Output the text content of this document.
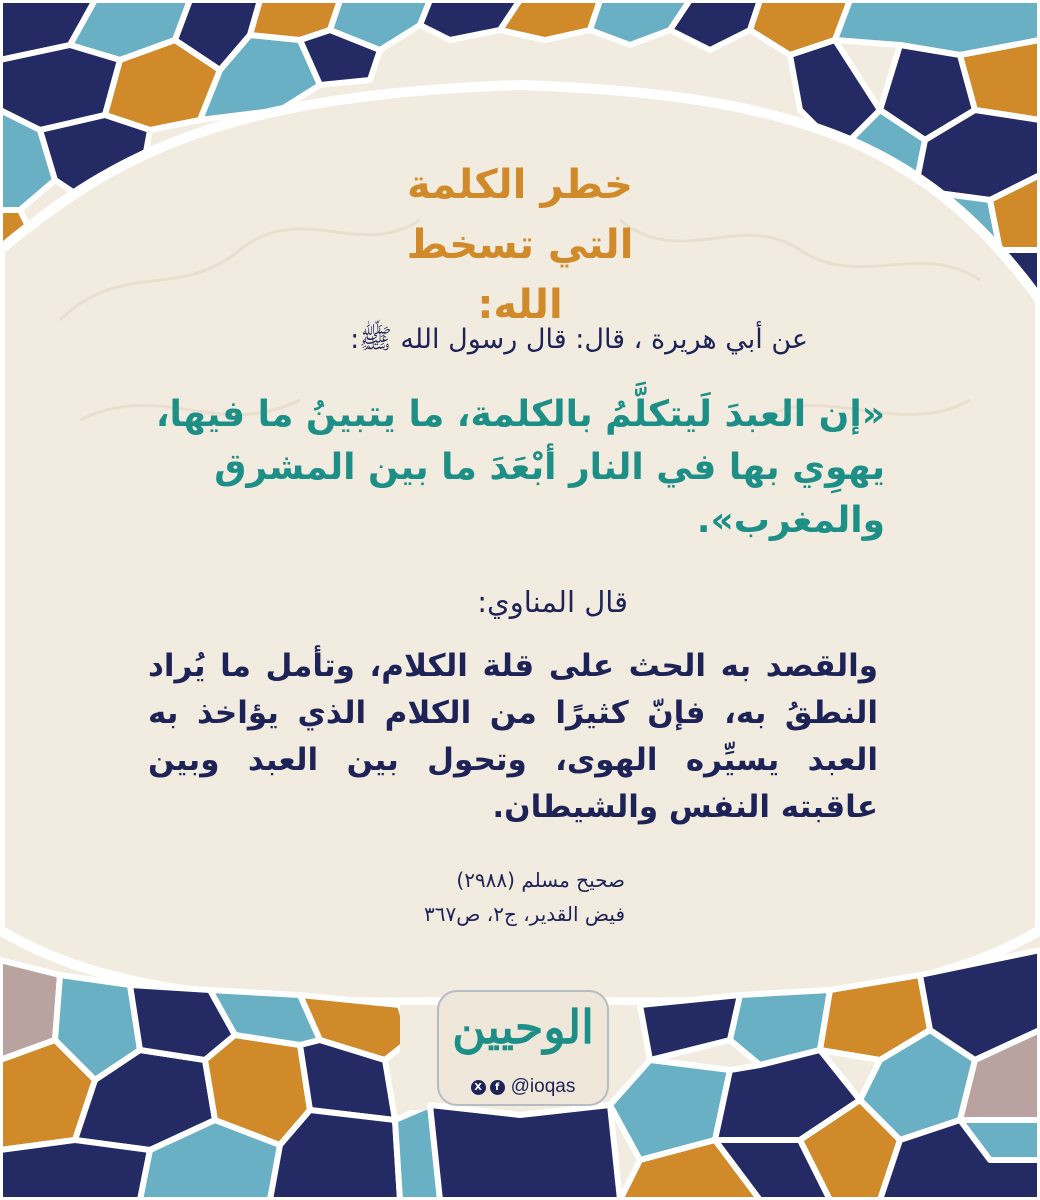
خطر الكلمة
التي تسخط الله:
عن أبي هريرة ، قال: قال رسول الله ﷺ:
«إن العبدَ لَيتكلَّمُ بالكلمة، ما يتبينُ ما فيها، يهوِي بها في النار أبْعَدَ ما بين المشرق والمغرب».
قال المناوي:
والقصد به الحث على قلة الكلام، وتأمل ما يُراد النطقُ به، فإنّ كثيرًا من الكلام الذي يؤاخذ به العبد يسيِّره الهوى، وتحول بين العبد وبين عاقبته النفس والشيطان.
صحيح مسلم (٢٩٨٨)
فيض القدير، ج٢، ص٣٦٧
الوحيين
X	f @ioqas
